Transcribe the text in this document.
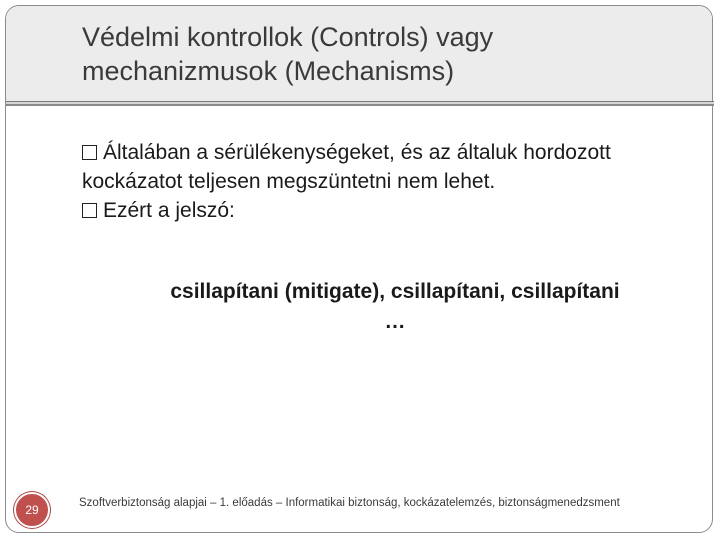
Védelmi kontrollok (Controls) vagy
mechanizmusok (Mechanisms)

Általában a sérülékenységeket, és az általuk hordozott kockázatot teljesen megszüntetni nem lehet.

Ezért a jelszó:

csillapítani (mitigate), csillapítani, csillapítani
…
29	Szoftverbiztonság alapjai – 1. előadás – Informatikai biztonság, kockázatelemzés, biztonságmenedzsment
